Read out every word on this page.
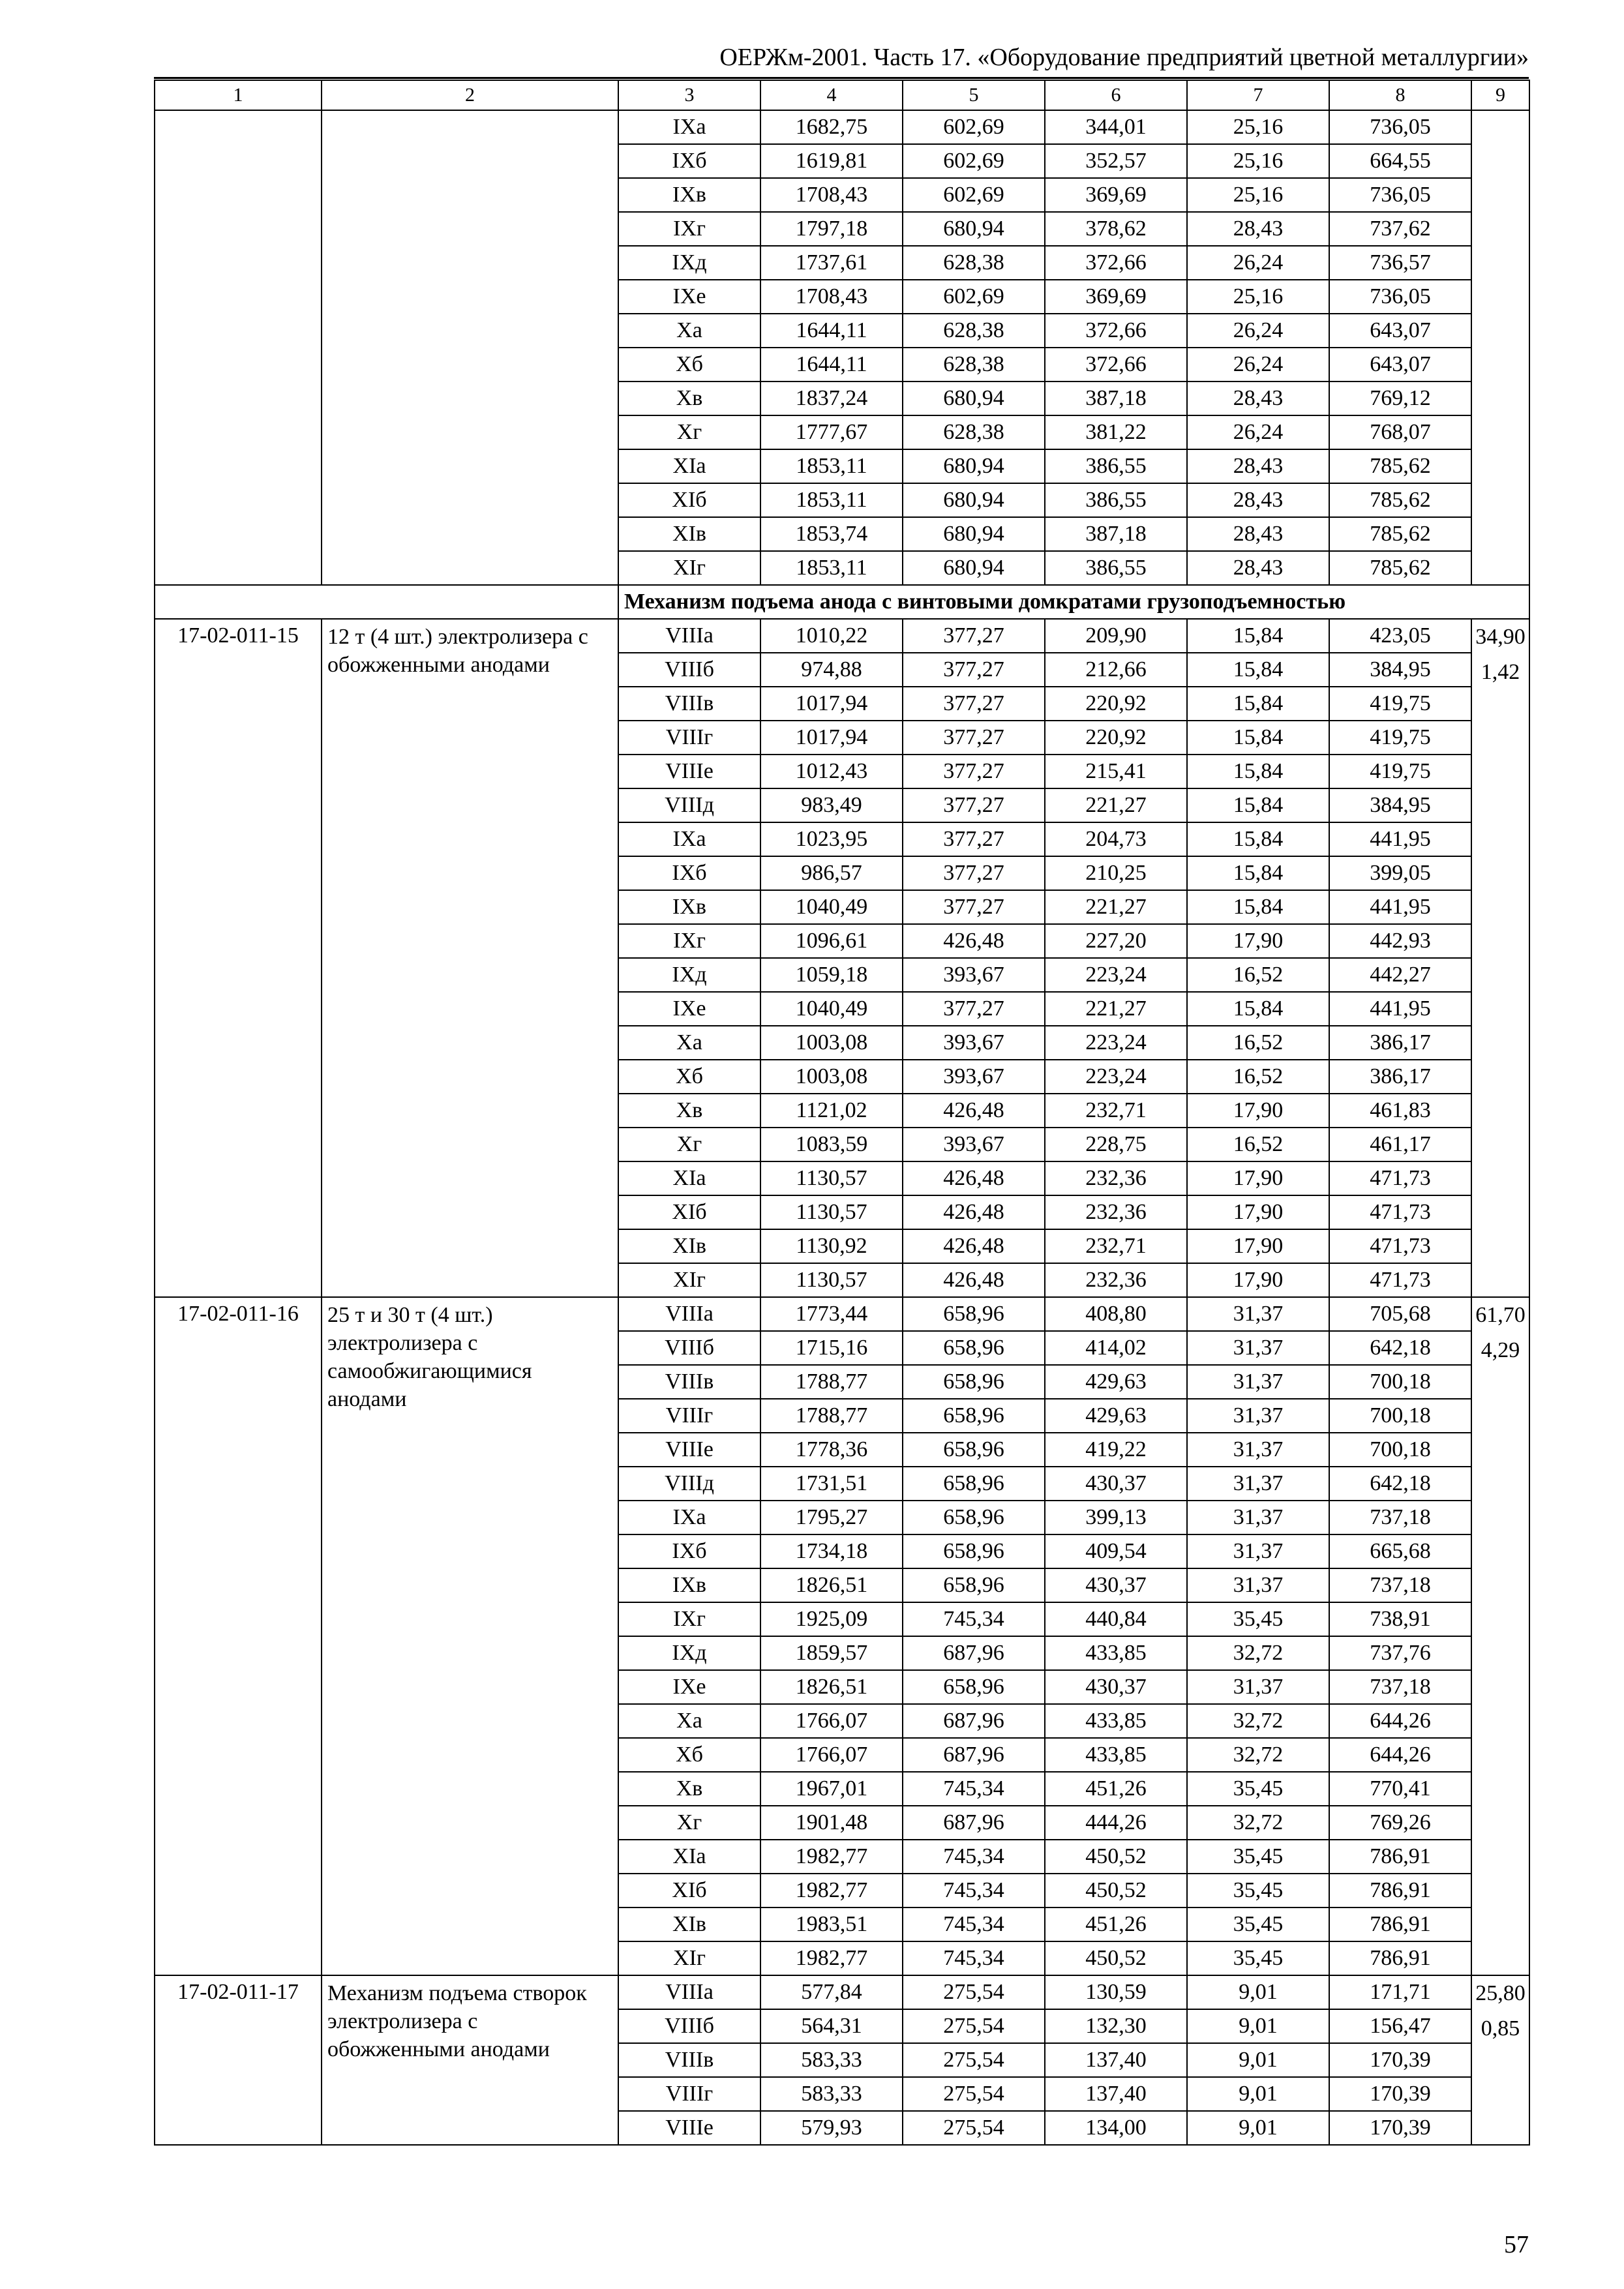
ОЕРЖм-2001. Часть 17. «Оборудование предприятий цветной металлургии»
1	2	3	4	5	6	7	8	9
		IXа	1682,75	602,69	344,01	25,16	736,05	
		IXб	1619,81	602,69	352,57	25,16	664,55	
		IXв	1708,43	602,69	369,69	25,16	736,05	
		IXг	1797,18	680,94	378,62	28,43	737,62	
		IXд	1737,61	628,38	372,66	26,24	736,57	
		IXе	1708,43	602,69	369,69	25,16	736,05	
		Xа	1644,11	628,38	372,66	26,24	643,07	
		Xб	1644,11	628,38	372,66	26,24	643,07	
		Xв	1837,24	680,94	387,18	28,43	769,12	
		Xг	1777,67	628,38	381,22	26,24	768,07	
		XIа	1853,11	680,94	386,55	28,43	785,62	
		XIб	1853,11	680,94	386,55	28,43	785,62	
		XIв	1853,74	680,94	387,18	28,43	785,62	
		XIг	1853,11	680,94	386,55	28,43	785,62	
		Механизм подъема анода с винтовыми домкратами грузоподъемностью						
17-02-011-15	12 т (4 шт.) электролизера с обожженными анодами	VIIIа	1010,22	377,27	209,90	15,84	423,05	34,90
1,42

		VIIIб	974,88	377,27	212,66	15,84	384,95	
		VIIIв	1017,94	377,27	220,92	15,84	419,75	
		VIIIг	1017,94	377,27	220,92	15,84	419,75	
		VIIIе	1012,43	377,27	215,41	15,84	419,75	
		VIIIд	983,49	377,27	221,27	15,84	384,95	
		IXа	1023,95	377,27	204,73	15,84	441,95	
		IXб	986,57	377,27	210,25	15,84	399,05	
		IXв	1040,49	377,27	221,27	15,84	441,95	
		IXг	1096,61	426,48	227,20	17,90	442,93	
		IXд	1059,18	393,67	223,24	16,52	442,27	
		IXе	1040,49	377,27	221,27	15,84	441,95	
		Xа	1003,08	393,67	223,24	16,52	386,17	
		Xб	1003,08	393,67	223,24	16,52	386,17	
		Xв	1121,02	426,48	232,71	17,90	461,83	
		Xг	1083,59	393,67	228,75	16,52	461,17	
		XIа	1130,57	426,48	232,36	17,90	471,73	
		XIб	1130,57	426,48	232,36	17,90	471,73	
		XIв	1130,92	426,48	232,71	17,90	471,73	
		XIг	1130,57	426,48	232,36	17,90	471,73	
17-02-011-16	25 т и 30 т (4 шт.) электролизера с самообжигающимися анодами	VIIIа	1773,44	658,96	408,80	31,37	705,68	61,70
4,29

		VIIIб	1715,16	658,96	414,02	31,37	642,18	
		VIIIв	1788,77	658,96	429,63	31,37	700,18	
		VIIIг	1788,77	658,96	429,63	31,37	700,18	
		VIIIе	1778,36	658,96	419,22	31,37	700,18	
		VIIIд	1731,51	658,96	430,37	31,37	642,18	
		IXа	1795,27	658,96	399,13	31,37	737,18	
		IXб	1734,18	658,96	409,54	31,37	665,68	
		IXв	1826,51	658,96	430,37	31,37	737,18	
		IXг	1925,09	745,34	440,84	35,45	738,91	
		IXд	1859,57	687,96	433,85	32,72	737,76	
		IXе	1826,51	658,96	430,37	31,37	737,18	
		Xа	1766,07	687,96	433,85	32,72	644,26	
		Xб	1766,07	687,96	433,85	32,72	644,26	
		Xв	1967,01	745,34	451,26	35,45	770,41	
		Xг	1901,48	687,96	444,26	32,72	769,26	
		XIа	1982,77	745,34	450,52	35,45	786,91	
		XIб	1982,77	745,34	450,52	35,45	786,91	
		XIв	1983,51	745,34	451,26	35,45	786,91	
		XIг	1982,77	745,34	450,52	35,45	786,91	
17-02-011-17	Механизм подъема створок электролизера с обожженными анодами	VIIIа	577,84	275,54	130,59	9,01	171,71	25,80
0,85

		VIIIб	564,31	275,54	132,30	9,01	156,47	
		VIIIв	583,33	275,54	137,40	9,01	170,39	
		VIIIг	583,33	275,54	137,40	9,01	170,39	
		VIIIе	579,93	275,54	134,00	9,01	170,39	
57
